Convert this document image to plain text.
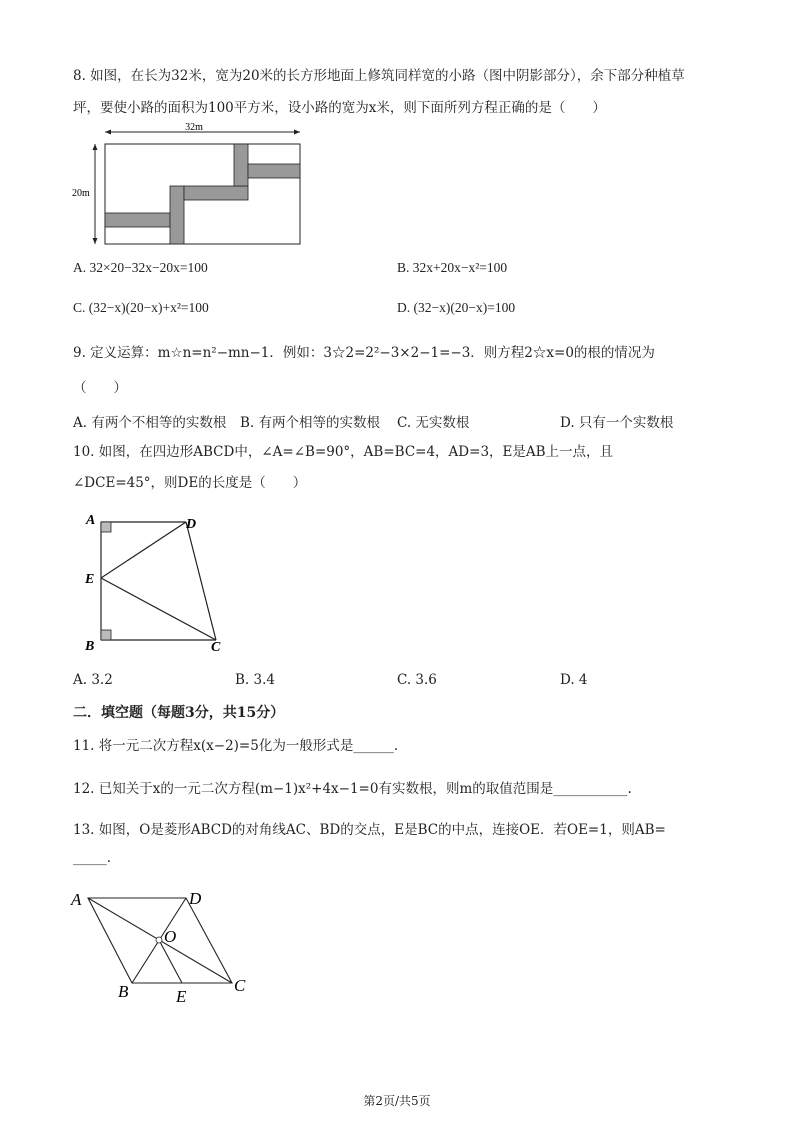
8. 如图，在长为32米，宽为20米的长方形地面上修筑同样宽的小路（图中阴影部分），余下部分种植草
坪，要使小路的面积为100平方米，设小路的宽为x米，则下面所列方程正确的是（　　）
32m
20m
A. 32×20−32x−20x=100	B. 32x+20x−x²=100
C. (32−x)(20−x)+x²=100	D. (32−x)(20−x)=100
9. 定义运算：m☆n=n²−mn−1．例如：3☆2=2²−3×2−1=−3．则方程2☆x=0的根的情况为
（　　）
A. 有两个不相等的实数根 B. 有两个相等的实数根 C. 无实数根	D. 只有一个实数根
10. 如图，在四边形ABCD中，∠A=∠B=90°，AB=BC=4，AD=3，E是AB上一点，且
∠DCE=45°，则DE的长度是（　　）
A	D
E
B	C
A. 3.2	B. 3.4	C. 3.6	D. 4
二．填空题（每题3分，共15分）
11. 将一元二次方程x(x−2)=5化为一般形式是______.
12. 已知关于x的一元二次方程(m−1)x²+4x−1=0有实数根，则m的取值范围是___________.
13. 如图，O是菱形ABCD的对角线AC、BD的交点，E是BC的中点，连接OE．若OE=1，则AB=
_____.
A	D
C
B
O
E
第2页/共5页
